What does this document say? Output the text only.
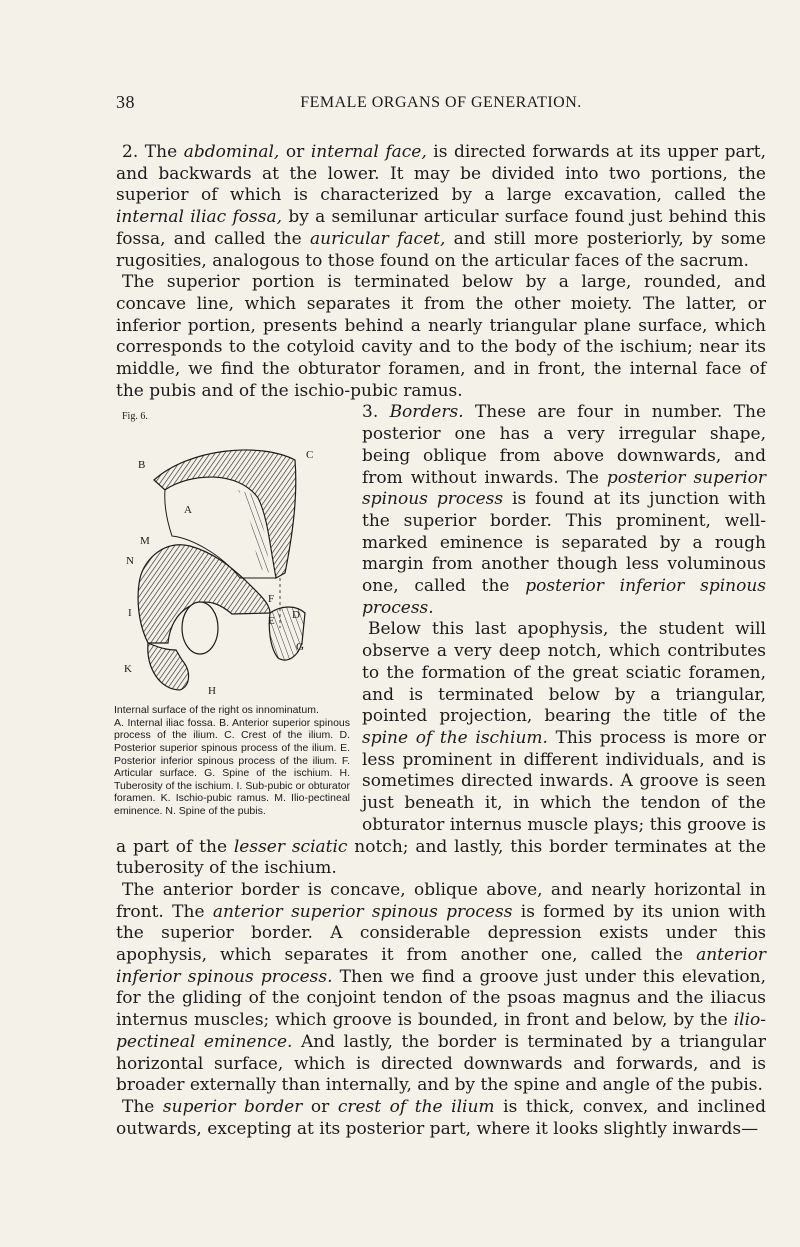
38	FEMALE ORGANS OF GENERATION.

2. The abdominal, or internal face, is directed forwards at its upper part, and backwards at the lower. It may be divided into two portions, the superior of which is characterized by a large excavation, called the internal iliac fossa, by a semilunar articular surface found just behind this fossa, and called the auricular facet, and still more posteriorly, by some rugosities, analogous to those found on the articular faces of the sacrum.

The superior portion is terminated below by a large, rounded, and concave line, which separates it from the other moiety. The latter, or inferior portion, presents behind a nearly triangular plane surface, which corresponds to the cotyloid cavity and to the body of the ischium; near its middle, we find the obturator foramen, and in front, the internal face of the pubis and of the ischio-pubic ramus.

Fig. 6.
B
C
A
M
N
I
F
E D
G
K
H
Internal surface of the right os innominatum.
A. Internal iliac fossa. B. Anterior superior spinous process of the ilium. C. Crest of the ilium. D. Posterior superior spinous process of the ilium. E. Posterior inferior spinous process of the ilium. F. Articular surface. G. Spine of the ischium. H. Tuberosity of the ischium. I. Sub-pubic or obturator foramen. K. Ischio-pubic ramus. M. Ilio-pectineal eminence. N. Spine of the pubis.

3. Borders. These are four in number. The posterior one has a very irregular shape, being oblique from above downwards, and from without inwards. The posterior superior spinous process is found at its junction with the superior border. This prominent, well-marked eminence is separated by a rough margin from another though less voluminous one, called the posterior inferior spinous process.

Below this last apophysis, the student will observe a very deep notch, which contributes to the formation of the great sciatic foramen, and is terminated below by a triangular, pointed projection, bearing the title of the spine of the ischium. This process is more or less prominent in different individuals, and is sometimes directed inwards. A groove is seen just beneath it, in which the tendon of the obturator internus muscle plays; this groove is a part of the lesser sciatic notch; and lastly, this border terminates at the tuberosity of the ischium.

The anterior border is concave, oblique above, and nearly horizontal in front. The anterior superior spinous process is formed by its union with the superior border. A considerable depression exists under this apophysis, which separates it from another one, called the anterior inferior spinous process. Then we find a groove just under this elevation, for the gliding of the conjoint tendon of the psoas magnus and the iliacus internus muscles; which groove is bounded, in front and below, by the ilio-pectineal eminence. And lastly, the border is terminated by a triangular horizontal surface, which is directed downwards and forwards, and is broader externally than internally, and by the spine and angle of the pubis.

The superior border or crest of the ilium is thick, convex, and inclined outwards, excepting at its posterior part, where it looks slightly inwards—
